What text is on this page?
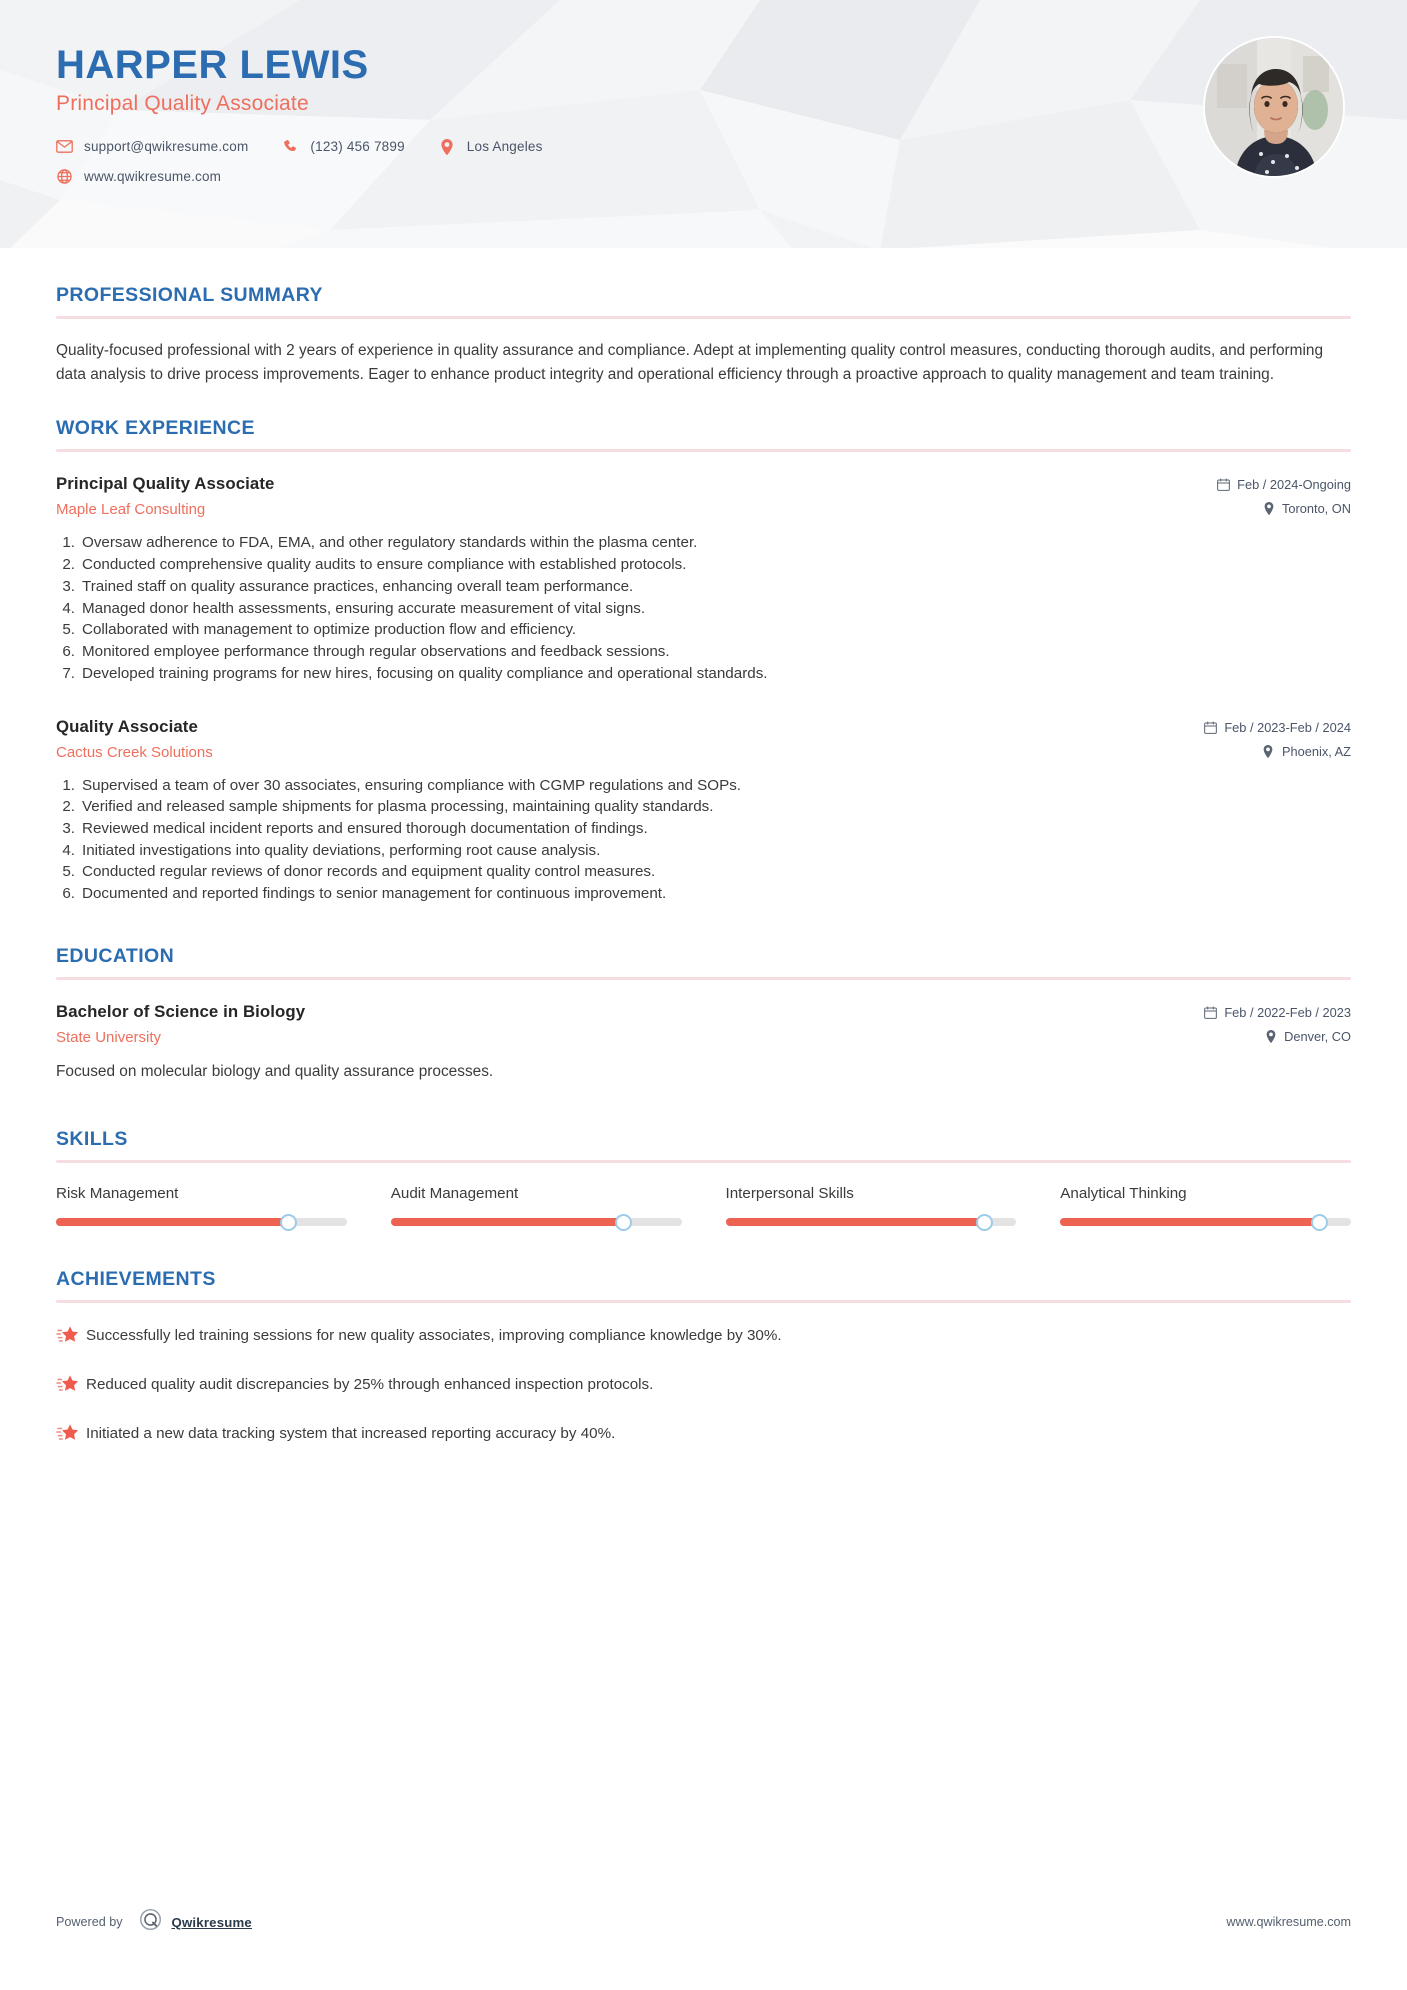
HARPER LEWIS
Principal Quality Associate
support@qwikresume.com	(123) 456 7899	Los Angeles
www.qwikresume.com
PROFESSIONAL SUMMARY
Quality-focused professional with 2 years of experience in quality assurance and compliance. Adept at implementing quality control measures, conducting thorough audits, and performing data analysis to drive process improvements. Eager to enhance product integrity and operational efficiency through a proactive approach to quality management and team training.
WORK EXPERIENCE
Principal Quality Associate
Maple Leaf Consulting
Feb / 2024-Ongoing
Toronto, ON
1. Oversaw adherence to FDA, EMA, and other regulatory standards within the plasma center.
2. Conducted comprehensive quality audits to ensure compliance with established protocols.
3. Trained staff on quality assurance practices, enhancing overall team performance.
4. Managed donor health assessments, ensuring accurate measurement of vital signs.
5. Collaborated with management to optimize production flow and efficiency.
6. Monitored employee performance through regular observations and feedback sessions.
7. Developed training programs for new hires, focusing on quality compliance and operational standards.
Quality Associate
Cactus Creek Solutions
Feb / 2023-Feb / 2024
Phoenix, AZ
1. Supervised a team of over 30 associates, ensuring compliance with CGMP regulations and SOPs.
2. Verified and released sample shipments for plasma processing, maintaining quality standards.
3. Reviewed medical incident reports and ensured thorough documentation of findings.
4. Initiated investigations into quality deviations, performing root cause analysis.
5. Conducted regular reviews of donor records and equipment quality control measures.
6. Documented and reported findings to senior management for continuous improvement.
EDUCATION
Bachelor of Science in Biology
State University
Feb / 2022-Feb / 2023
Denver, CO
Focused on molecular biology and quality assurance processes.
SKILLS
Risk Management	Audit Management	Interpersonal Skills	Analytical Thinking
ACHIEVEMENTS
Successfully led training sessions for new quality associates, improving compliance knowledge by 30%.
Reduced quality audit discrepancies by 25% through enhanced inspection protocols.
Initiated a new data tracking system that increased reporting accuracy by 40%.
Powered by	Qwikresume	www.qwikresume.com
